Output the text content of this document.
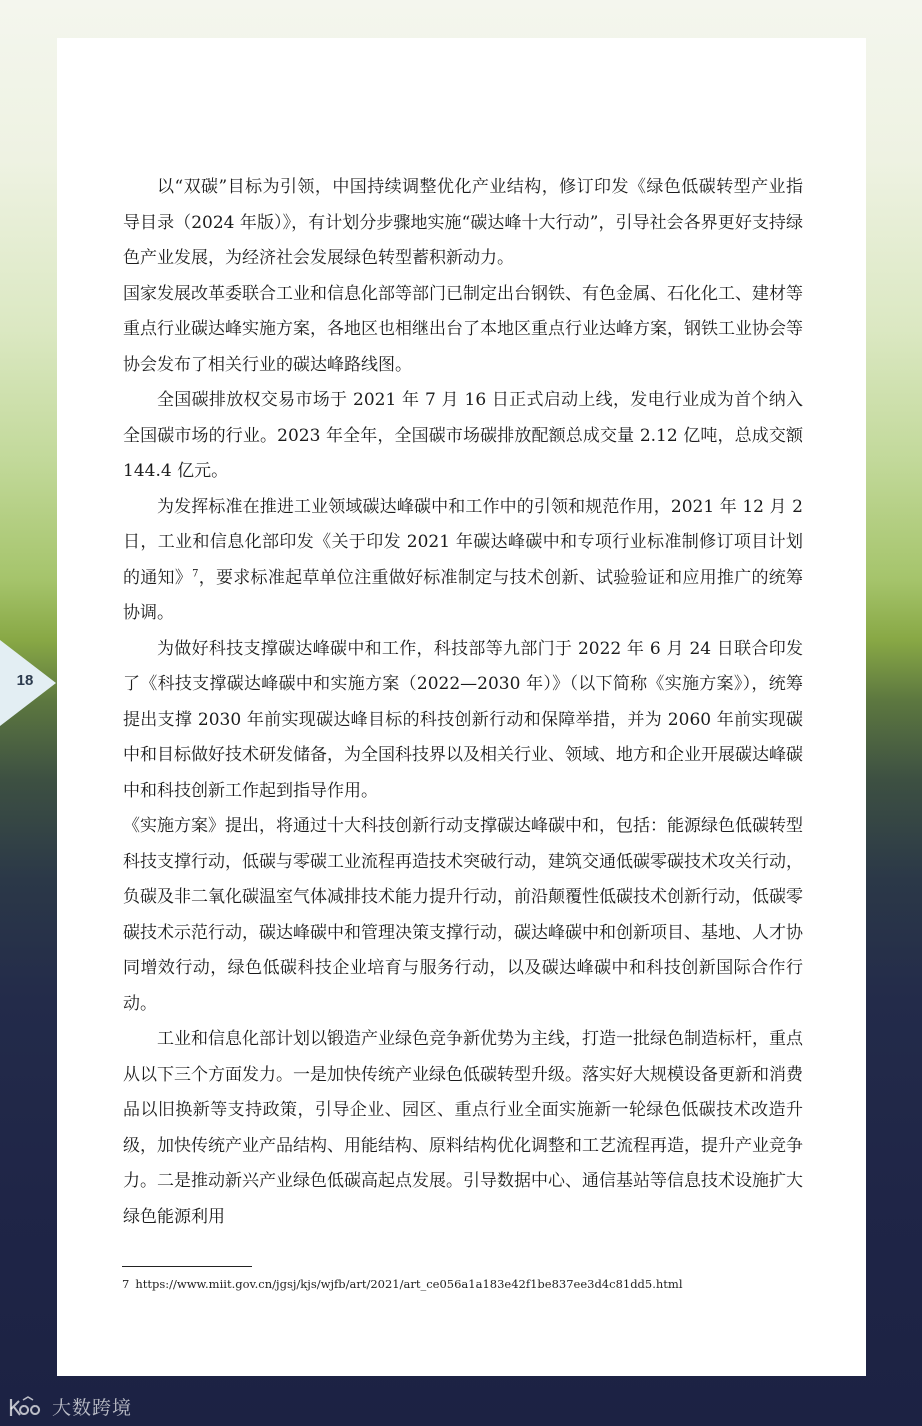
18

以“双碳”目标为引领，中国持续调整优化产业结构，修订印发《绿色低碳转型产业指导目录（2024 年版）》，有计划分步骤地实施“碳达峰十大行动”，引导社会各界更好支持绿色产业发展，为经济社会发展绿色转型蓄积新动力。

国家发展改革委联合工业和信息化部等部门已制定出台钢铁、有色金属、石化化工、建材等重点行业碳达峰实施方案，各地区也相继出台了本地区重点行业达峰方案，钢铁工业协会等协会发布了相关行业的碳达峰路线图。

全国碳排放权交易市场于 2021 年 7 月 16 日正式启动上线，发电行业成为首个纳入全国碳市场的行业。2023 年全年，全国碳市场碳排放配额总成交量 2.12 亿吨，总成交额 144.4 亿元。

为发挥标准在推进工业领域碳达峰碳中和工作中的引领和规范作用，2021 年 12 月 2 日，工业和信息化部印发《关于印发 2021 年碳达峰碳中和专项行业标准制修订项目计划的通知》$^7$，要求标准起草单位注重做好标准制定与技术创新、试验验证和应用推广的统筹协调。

为做好科技支撑碳达峰碳中和工作，科技部等九部门于 2022 年 6 月 24 日联合印发了《科技支撑碳达峰碳中和实施方案（2022—2030 年）》（以下简称《实施方案》），统筹提出支撑 2030 年前实现碳达峰目标的科技创新行动和保障举措，并为 2060 年前实现碳中和目标做好技术研发储备，为全国科技界以及相关行业、领域、地方和企业开展碳达峰碳中和科技创新工作起到指导作用。

《实施方案》提出，将通过十大科技创新行动支撑碳达峰碳中和，包括：能源绿色低碳转型科技支撑行动，低碳与零碳工业流程再造技术突破行动，建筑交通低碳零碳技术攻关行动，负碳及非二氧化碳温室气体减排技术能力提升行动，前沿颠覆性低碳技术创新行动，低碳零碳技术示范行动，碳达峰碳中和管理决策支撑行动，碳达峰碳中和创新项目、基地、人才协同增效行动，绿色低碳科技企业培育与服务行动，以及碳达峰碳中和科技创新国际合作行动。

工业和信息化部计划以锻造产业绿色竞争新优势为主线，打造一批绿色制造标杆，重点从以下三个方面发力。一是加快传统产业绿色低碳转型升级。落实好大规模设备更新和消费品以旧换新等支持政策，引导企业、园区、重点行业全面实施新一轮绿色低碳技术改造升级，加快传统产业产品结构、用能结构、原料结构优化调整和工艺流程再造，提升产业竞争力。二是推动新兴产业绿色低碳高起点发展。引导数据中心、通信基站等信息技术设施扩大绿色能源利用

7 https://www.miit.gov.cn/jgsj/kjs/wjfb/art/2021/art_ce056a1a183e42f1be837ee3d4c81dd5.html
大数跨境
